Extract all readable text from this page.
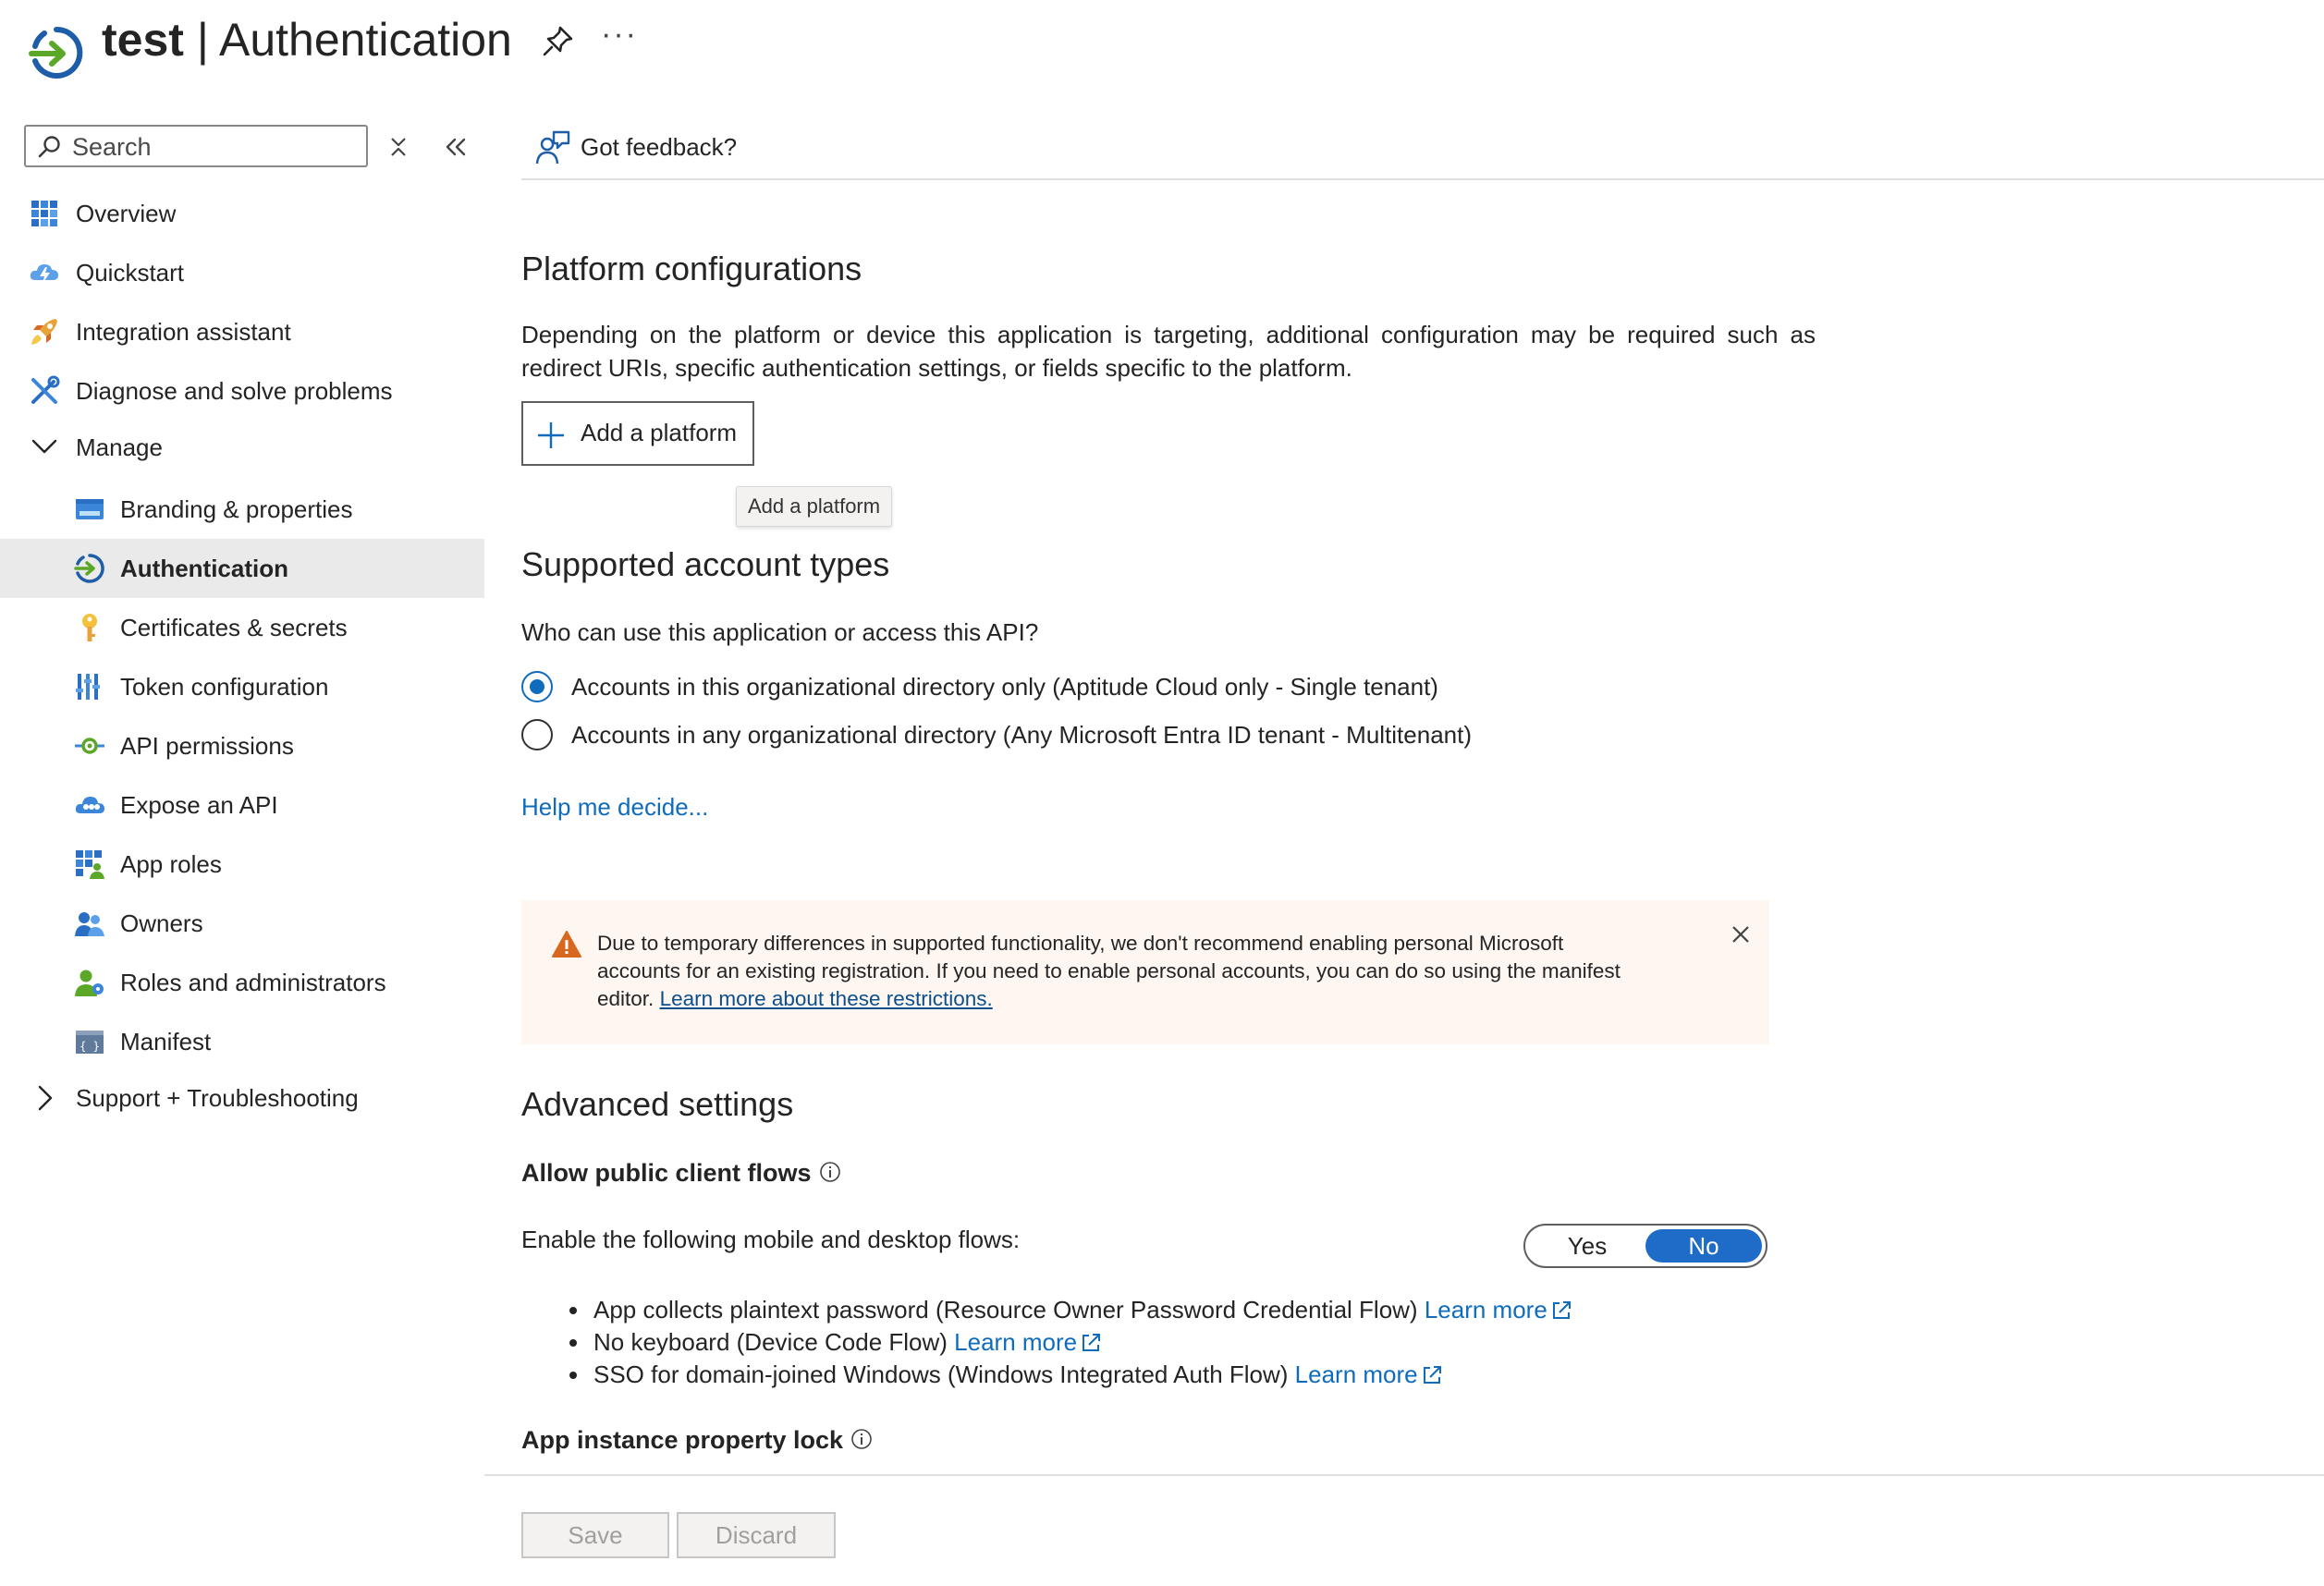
test | Authentication	···
Search
Overview
Quickstart
Integration assistant
Diagnose and solve problems
Manage
Branding & properties
Authentication
Certificates & secrets
Token configuration
API permissions
Expose an API
App roles
Owners
Roles and administrators
{ } Manifest
Support + Troubleshooting
Got feedback?
Platform configurations
Depending on the platform or device this application is targeting, additional configuration may be required such as redirect URIs, specific authentication settings, or fields specific to the platform.
Add a platform
Add a platform
Supported account types
Who can use this application or access this API?
Accounts in this organizational directory only (Aptitude Cloud only - Single tenant)
Accounts in any organizational directory (Any Microsoft Entra ID tenant - Multitenant)
Help me decide...
Due to temporary differences in supported functionality, we don't recommend enabling personal Microsoft
accounts for an existing registration. If you need to enable personal accounts, you can do so using the manifest
editor. Learn more about these restrictions.
Advanced settings
Allow public client flows
Enable the following mobile and desktop flows:	Yes	No
App collects plaintext password (Resource Owner Password Credential Flow) Learn more
No keyboard (Device Code Flow) Learn more
SSO for domain-joined Windows (Windows Integrated Auth Flow) Learn more
App instance property lock
Save	Discard
